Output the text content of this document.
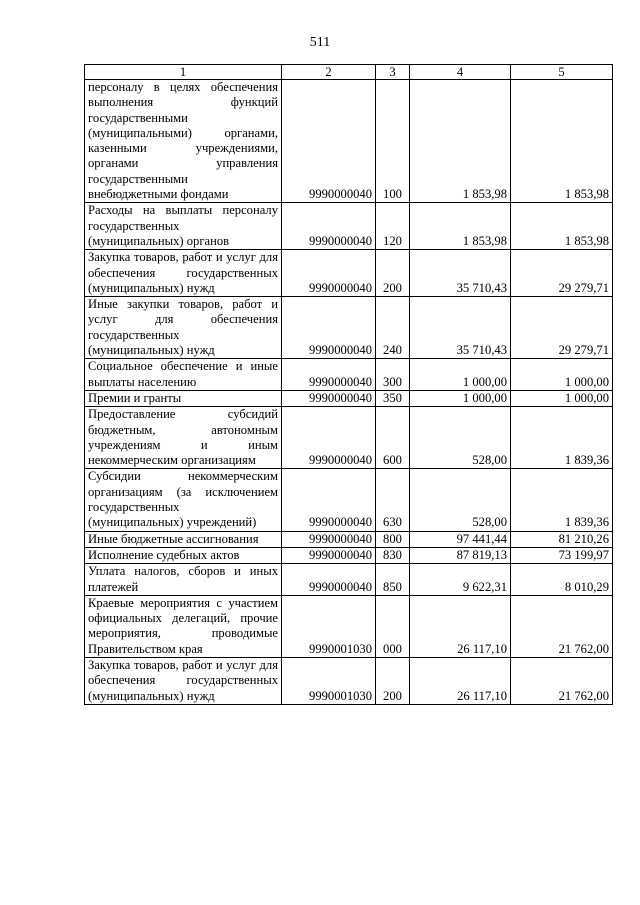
511
1	2	3	4	5
персоналу в целях обеспечения выполнения функций государственными (муниципальными) органами, казенными учреждениями, органами управления государственными внебюджетными фондами	9990000040	100	1 853,98	1 853,98
Расходы на выплаты персоналу государственных (муниципальных) органов	9990000040	120	1 853,98	1 853,98
Закупка товаров, работ и услуг для обеспечения государственных (муниципальных) нужд	9990000040	200	35 710,43	29 279,71
Иные закупки товаров, работ и услуг для обеспечения государственных (муниципальных) нужд	9990000040	240	35 710,43	29 279,71
Социальное обеспечение и иные выплаты населению	9990000040	300	1 000,00	1 000,00
Премии и гранты	9990000040	350	1 000,00	1 000,00
Предоставление субсидий бюджетным, автономным учреждениям и иным некоммерческим организациям	9990000040	600	528,00	1 839,36
Субсидии некоммерческим организациям (за исключением государственных (муниципальных) учреждений)	9990000040	630	528,00	1 839,36
Иные бюджетные ассигнования	9990000040	800	97 441,44	81 210,26
Исполнение судебных актов	9990000040	830	87 819,13	73 199,97
Уплата налогов, сборов и иных платежей	9990000040	850	9 622,31	8 010,29
Краевые мероприятия с участием официальных делегаций, прочие мероприятия, проводимые Правительством края	9990001030	000	26 117,10	21 762,00
Закупка товаров, работ и услуг для обеспечения государственных (муниципальных) нужд	9990001030	200	26 117,10	21 762,00
